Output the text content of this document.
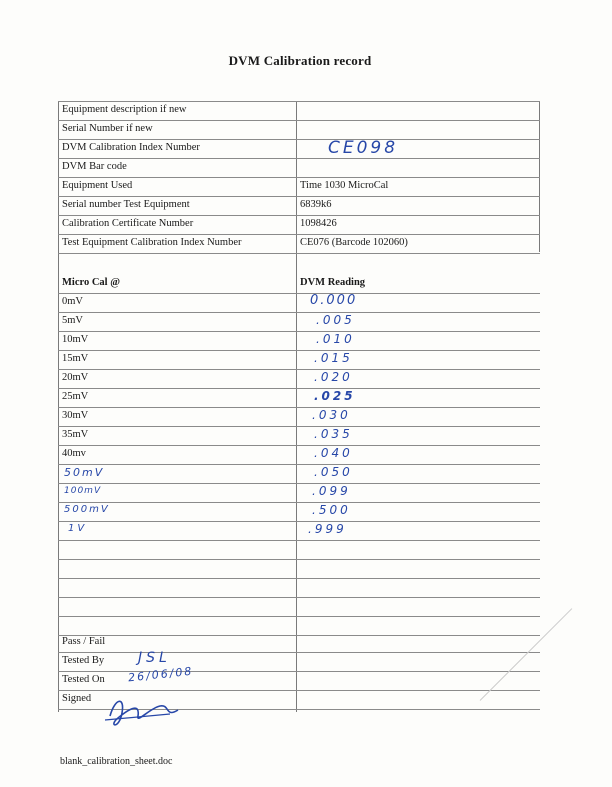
DVM Calibration record
Equipment description if new
Serial Number if new
DVM Calibration Index Number	CE098
DVM Bar code
Equipment Used	Time 1030 MicroCal
Serial number Test Equipment	6839k6
Calibration Certificate Number	1098426
Test Equipment Calibration Index Number	CE076 (Barcode 102060)
Micro Cal @	DVM Reading
0mV	0.000
5mV	.005
10mV	.010
15mV	.015
20mV	.020
25mV	.025
30mV	.030
35mV	.035
40mv	.040
50mV	.050
100mV	.099
500mV	.500
1V	.999
Pass / Fail
Tested By JSL
Tested On 26/06/08
Signed
blank_calibration_sheet.doc
